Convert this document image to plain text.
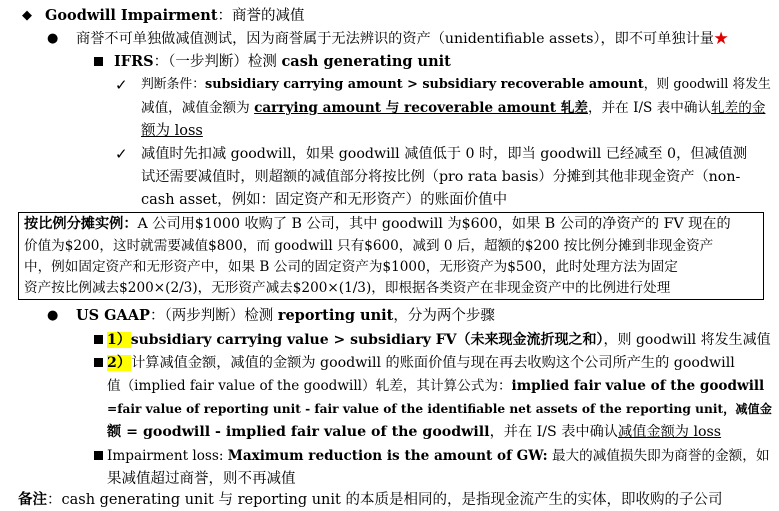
◆ Goodwill Impairment：商誉的减值
● 商誉不可单独做减值测试，因为商誉属于无法辨识的资产（unidentifiable assets），即不可单独计量★
IFRS：（一步判断）检测 cash generating unit
✓ 判断条件：subsidiary carrying amount > subsidiary recoverable amount，则 goodwill 将发生
减值，减值金额为 carrying amount 与 recoverable amount 轧差，并在 I/S 表中确认轧差的金
额为 loss
✓ 减值时先扣减 goodwill，如果 goodwill 减值低于 0 时，即当 goodwill 已经减至 0，但减值测
试还需要减值时，则超额的减值部分将按比例（pro rata basis）分摊到其他非现金资产（non-
cash asset，例如：固定资产和无形资产）的账面价值中
按比例分摊实例：A 公司用$1000 收购了 B 公司，其中 goodwill 为$600，如果 B 公司的净资产的 FV 现在的
价值为$200，这时就需要减值$800，而 goodwill 只有$600，减到 0 后，超额的$200 按比例分摊到非现金资产
中，例如固定资产和无形资产中，如果 B 公司的固定资产为$1000，无形资产为$500，此时处理方法为固定
资产按比例减去$200×(2/3)，无形资产减去$200×(1/3)，即根据各类资产在非现金资产中的比例进行处理
● US GAAP：（两步判断）检测 reporting unit，分为两个步骤
1）subsidiary carrying value > subsidiary FV（未来现金流折现之和），则 goodwill 将发生减值
2）计算减值金额，减值的金额为 goodwill 的账面价值与现在再去收购这个公司所产生的 goodwill
值（implied fair value of the goodwill）轧差，其计算公式为：implied fair value of the goodwill
=fair value of reporting unit - fair value of the identifiable net assets of the reporting unit，减值金
额 = goodwill - implied fair value of the goodwill，并在 I/S 表中确认减值金额为 loss
Impairment loss: Maximum reduction is the amount of GW: 最大的减值损失即为商誉的金额，如
果减值超过商誉，则不再减值
备注：cash generating unit 与 reporting unit 的本质是相同的，是指现金流产生的实体，即收购的子公司
